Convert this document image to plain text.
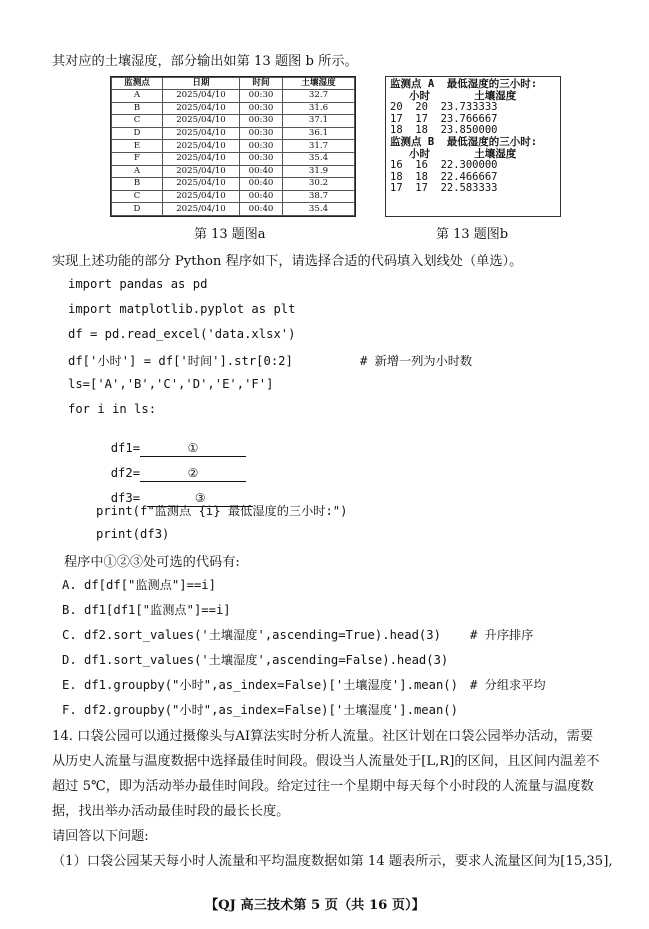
其对应的土壤湿度，部分输出如第 13 题图 b 所示。
监测点	日期	时间	土壤湿度
A	2025/04/10	00:30	32.7
B	2025/04/10	00:30	31.6
C	2025/04/10	00:30	37.1
D	2025/04/10	00:30	36.1
E	2025/04/10	00:30	31.7
F	2025/04/10	00:30	35.4
A	2025/04/10	00:40	31.9
B	2025/04/10	00:40	30.2
C	2025/04/10	00:40	38.7
D	2025/04/10	00:40	35.4
监测点 A  最低湿度的三小时:
小时       土壤湿度
20  20  23.733333
17  17  23.766667
18  18  23.850000
监测点 B  最低湿度的三小时:
小时       土壤湿度
16  16  22.300000
18  18  22.466667
17  17  22.583333
第 13 题图a	第 13 题图b
实现上述功能的部分 Python 程序如下，请选择合适的代码填入划线处（单选）。
import pandas as pd
import matplotlib.pyplot as plt
df = pd.read_excel('data.xlsx')
df['小时'] = df['时间'].str[0:2]	# 新增一列为小时数
ls=['A','B','C','D','E','F']
for i in ls:

df1=	①

df2=	②

df3=	③

print(f"监测点 {i} 最低湿度的三小时:")
print(df3)
程序中①②③处可选的代码有:
A. df[df["监测点"]==i]
B. df1[df1["监测点"]==i]
C. df2.sort_values('土壤湿度',ascending=True).head(3) # 升序排序
D. df1.sort_values('土壤湿度',ascending=False).head(3)
E. df1.groupby("小时",as_index=False)['土壤湿度'].mean() # 分组求平均
F. df2.groupby("小时",as_index=False)['土壤湿度'].mean()
14. 口袋公园可以通过摄像头与AI算法实时分析人流量。社区计划在口袋公园举办活动，需要
从历史人流量与温度数据中选择最佳时间段。假设当人流量处于[L,R]的区间，且区间内温差不
超过 5℃，即为活动举办最佳时间段。给定过往一个星期中每天每个小时段的人流量与温度数
据，找出举办活动最佳时段的最长长度。
请回答以下问题:
（1）口袋公园某天每小时人流量和平均温度数据如第 14 题表所示，要求人流量区间为[15,35],
【QJ 高三技术第 5 页（共 16 页）】
